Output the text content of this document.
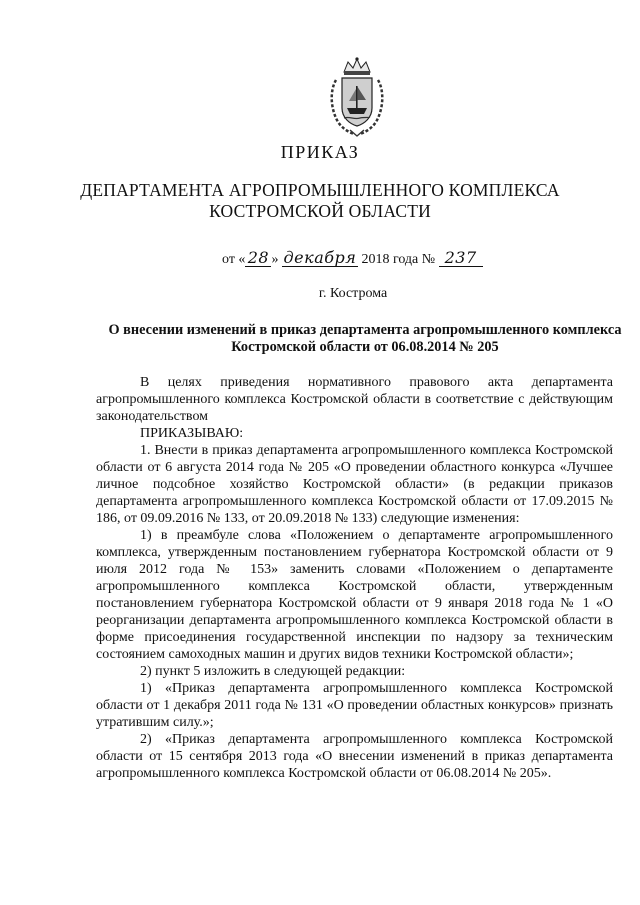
ПРИКАЗ
ДЕПАРТАМЕНТА АГРОПРОМЫШЛЕННОГО КОМПЛЕКСА
КОСТРОМСКОЙ ОБЛАСТИ
от « 28 » декабря 2018 года № 237
г. Кострома
О внесении изменений в приказ департамента агропромышленного комплекса Костромской области от 06.08.2014 № 205

В целях приведения нормативного правового акта департамента агропромышленного комплекса Костромской области в соответствие с действующим законодательством

ПРИКАЗЫВАЮ:

1. Внести в приказ департамента агропромышленного комплекса Костромской области от 6 августа 2014 года № 205 «О проведении областного конкурса «Лучшее личное подсобное хозяйство Костромской области» (в редакции приказов департамента агропромышленного комплекса Костромской области от 17.09.2015 № 186, от 09.09.2016 № 133, от 20.09.2018 № 133) следующие изменения:

1) в преамбуле слова «Положением о департаменте агропромышленного комплекса, утвержденным постановлением губернатора Костромской области от 9 июля 2012 года № 153» заменить словами «Положением о департаменте агропромышленного комплекса Костромской области, утвержденным постановлением губернатора Костромской области от 9 января 2018 года № 1 «О реорганизации департамента агропромышленного комплекса Костромской области в форме присоединения государственной инспекции по надзору за техническим состоянием самоходных машин и других видов техники Костромской области»;

2) пункт 5 изложить в следующей редакции:

1) «Приказ департамента агропромышленного комплекса Костромской области от 1 декабря 2011 года № 131 «О проведении областных конкурсов» признать утратившим силу.»;

2) «Приказ департамента агропромышленного комплекса Костромской области от 15 сентября 2013 года «О внесении изменений в приказ департамента агропромышленного комплекса Костромской области от 06.08.2014 № 205».
